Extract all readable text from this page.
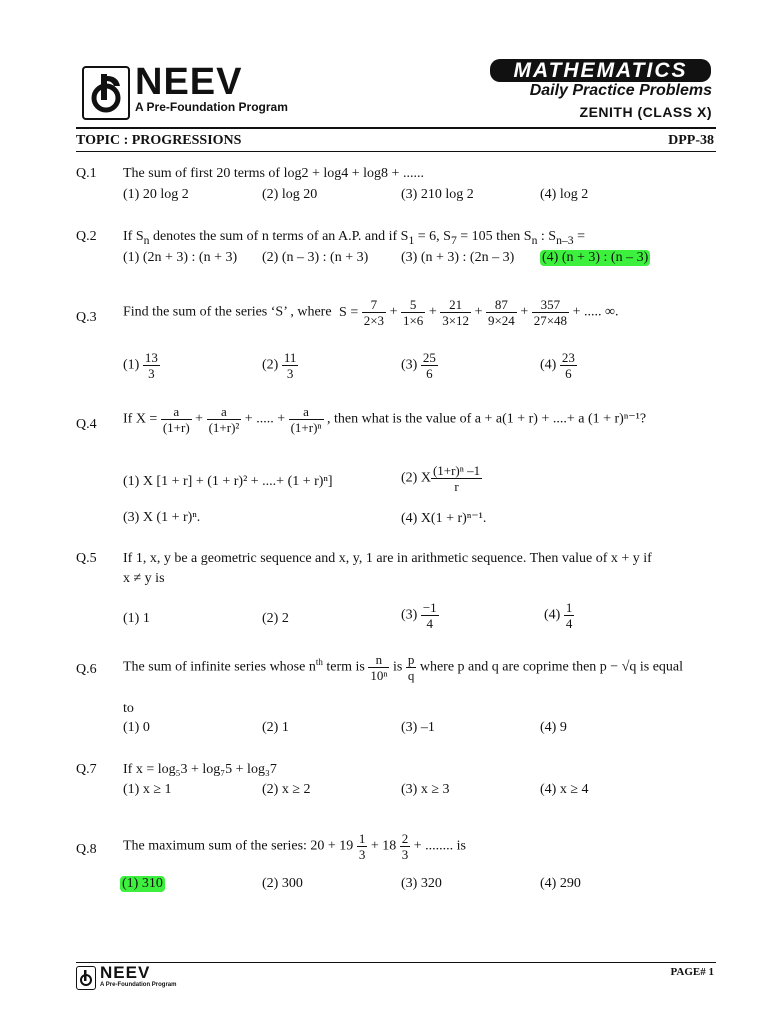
NEEV
A Pre-Foundation Program
MATHEMATICS
Daily Practice Problems
ZENITH (CLASS X)
TOPIC : PROGRESSIONS	DPP-38
Q.1 The sum of first 20 terms of log2 + log4 + log8 + ......
(1) 20 log 2	(2) log 20	(3) 210 log 2	(4) log 2
Q.2 If $S_n$ denotes the sum of n terms of an A.P. and if $S_1 = 6$, $S_7 = 105$ then $S_n$ : $S_{n-3}$ =
(1) (2n + 3) : (n + 3) (2) (n – 3) : (n + 3) (3) (n + 3) : (2n – 3) (4) (n + 3) : (n – 3)
Q.3 Find the sum of the series ‘S’ , where $S = \frac{7}{2\times 3} + \frac{5}{1\times 6} + \frac{21}{3\times 12} + \frac{87}{9\times 24} + \frac{357}{27\times 48}$ + ..... ∞.
$(1) \frac{13}{3}$	$(2) \frac{11}{3}$	$(3) \frac{25}{6}$	$(4) \frac{23}{6}$
Q.4 If $X = \frac{a}{(1+r)} + \frac{a}{\text{(1+r)²}}$ + ..... + $\frac{a}{\text{(1+r)ⁿ}}$ , then what is the value of a + a(1 + r) + ....+ a (1 + r)ⁿ⁻¹?
(1) X [1 + r] + (1 + r)² + ....+ (1 + r)ⁿ]	(2) X $\frac{\text{(1+r)ⁿ –1}}{r}$
(3) X (1 + r)ⁿ.	(4) X(1 + r)ⁿ⁻¹.
Q.5 If 1, x, y be a geometric sequence and x, y, 1 are in arithmetic sequence. Then value of x + y if
x ≠ y is
(1) 1	(2) 2	$(3) \frac{-1}{4}$	$(4) \frac{1}{4}$
Q.6 The sum of infinite series whose $n^{th}$ term is $\frac{n}{\text{10ⁿ}}$ is $\frac{p}{q}$ where p and q are coprime then p − √q is equal
to
(1) 0	(2) 1	(3) –1	(4) 9
Q.7 If x = log₅3 + log₇5 + log₃7
(1) x ≥ 1	(2) x ≥ 2	(3) x ≥ 3	(4) x ≥ 4
Q.8 The maximum sum of the series: $20 + 19 \frac{1}{3} + 18 \frac{2}{3}$ + ........ is
(1) 310	(2) 300	(3) 320	(4) 290
NEEV
A Pre-Foundation Program
PAGE# 1
